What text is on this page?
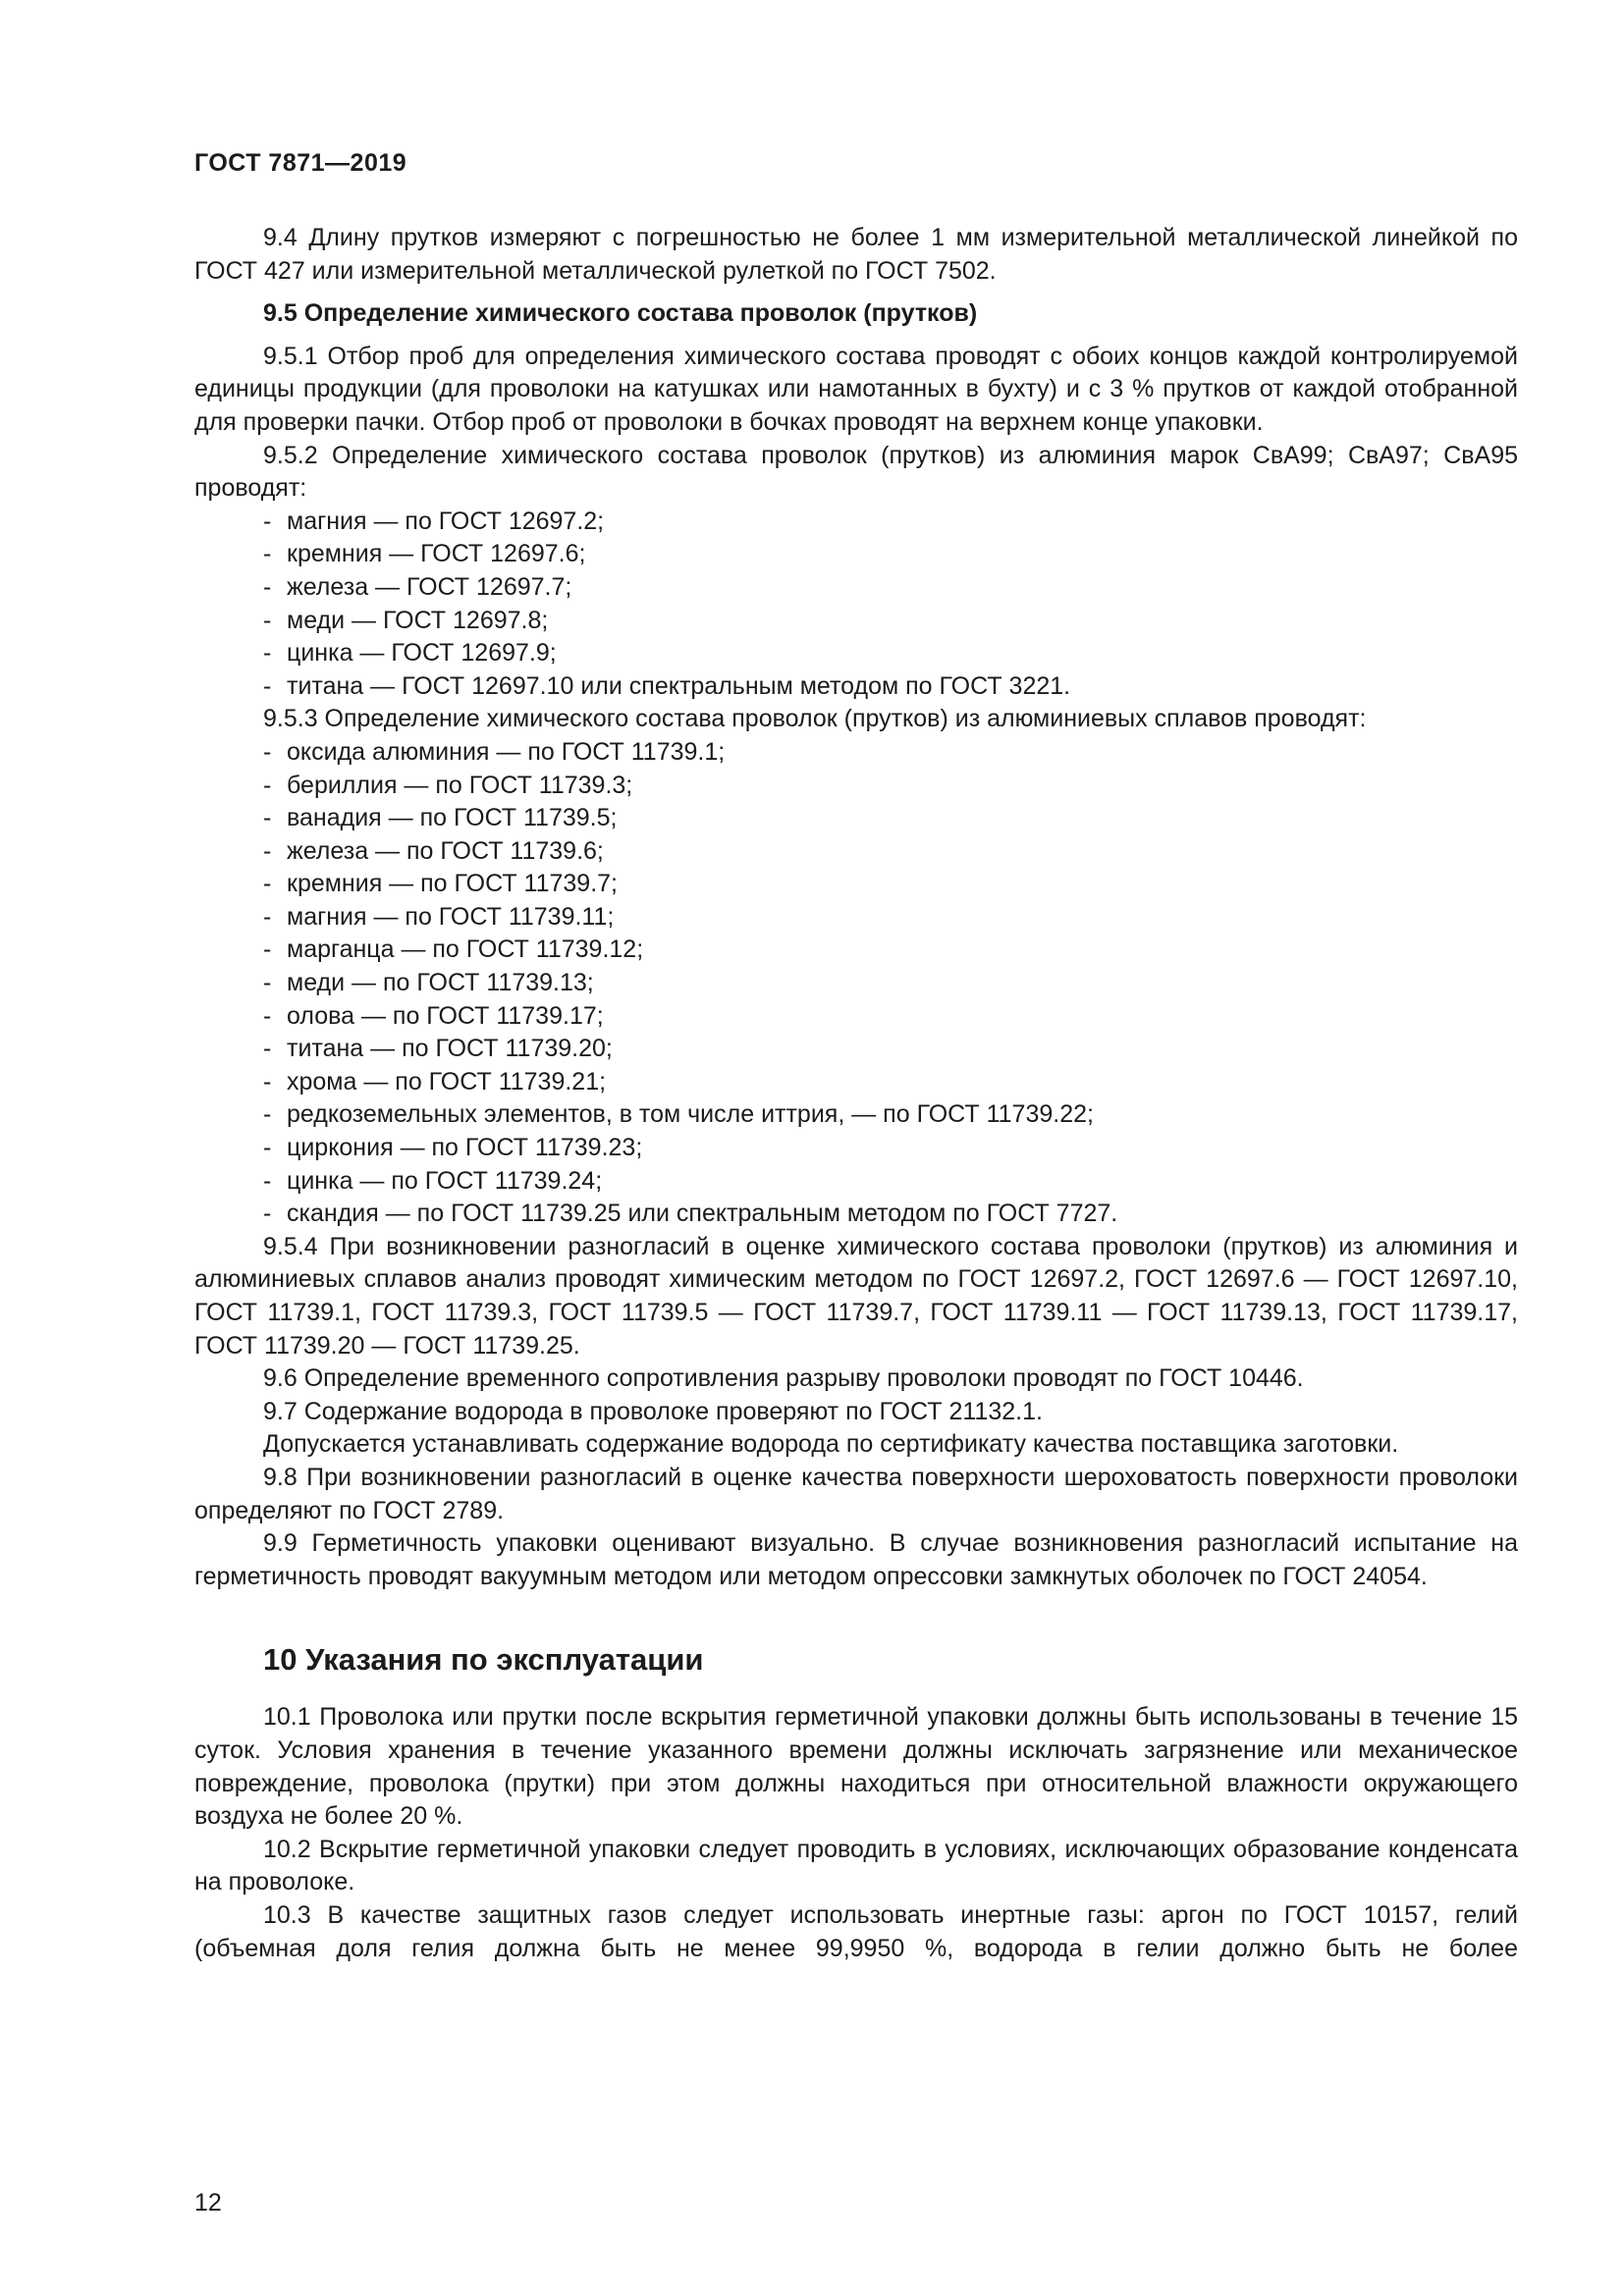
ГОСТ 7871—2019

9.4 Длину прутков измеряют с погрешностью не более 1 мм измерительной металлической линейкой по ГОСТ 427 или измерительной металлической рулеткой по ГОСТ 7502.

9.5 Определение химического состава проволок (прутков)

9.5.1 Отбор проб для определения химического состава проводят с обоих концов каждой контролируемой единицы продукции (для проволоки на катушках или намотанных в бухту) и с 3 % прутков от каждой отобранной для проверки пачки. Отбор проб от проволоки в бочках проводят на верхнем конце упаковки.

9.5.2 Определение химического состава проволок (прутков) из алюминия марок СвА99; СвА97; СвА95 проводят:

- магния — по ГОСТ 12697.2;
- кремния — ГОСТ 12697.6;
- железа — ГОСТ 12697.7;
- меди — ГОСТ 12697.8;
- цинка — ГОСТ 12697.9;
- титана — ГОСТ 12697.10 или спектральным методом по ГОСТ 3221.

9.5.3 Определение химического состава проволок (прутков) из алюминиевых сплавов проводят:

- оксида алюминия — по ГОСТ 11739.1;
- бериллия — по ГОСТ 11739.3;
- ванадия — по ГОСТ 11739.5;
- железа — по ГОСТ 11739.6;
- кремния — по ГОСТ 11739.7;
- магния — по ГОСТ 11739.11;
- марганца — по ГОСТ 11739.12;
- меди — по ГОСТ 11739.13;
- олова — по ГОСТ 11739.17;
- титана — по ГОСТ 11739.20;
- хрома — по ГОСТ 11739.21;
- редкоземельных элементов, в том числе иттрия, — по ГОСТ 11739.22;
- циркония — по ГОСТ 11739.23;
- цинка — по ГОСТ 11739.24;
- скандия — по ГОСТ 11739.25 или спектральным методом по ГОСТ 7727.

9.5.4 При возникновении разногласий в оценке химического состава проволоки (прутков) из алюминия и алюминиевых сплавов анализ проводят химическим методом по ГОСТ 12697.2, ГОСТ 12697.6 — ГОСТ 12697.10, ГОСТ 11739.1, ГОСТ 11739.3, ГОСТ 11739.5 — ГОСТ 11739.7, ГОСТ 11739.11 — ГОСТ 11739.13, ГОСТ 11739.17, ГОСТ 11739.20 — ГОСТ 11739.25.

9.6 Определение временного сопротивления разрыву проволоки проводят по ГОСТ 10446.

9.7 Содержание водорода в проволоке проверяют по ГОСТ 21132.1.

Допускается устанавливать содержание водорода по сертификату качества поставщика заготовки.

9.8 При возникновении разногласий в оценке качества поверхности шероховатость поверхности проволоки определяют по ГОСТ 2789.

9.9 Герметичность упаковки оценивают визуально. В случае возникновения разногласий испытание на герметичность проводят вакуумным методом или методом опрессовки замкнутых оболочек по ГОСТ 24054.

10 Указания по эксплуатации

10.1 Проволока или прутки после вскрытия герметичной упаковки должны быть использованы в течение 15 суток. Условия хранения в течение указанного времени должны исключать загрязнение или механическое повреждение, проволока (прутки) при этом должны находиться при относительной влажности окружающего воздуха не более 20 %.

10.2 Вскрытие герметичной упаковки следует проводить в условиях, исключающих образование конденсата на проволоке.

10.3 В качестве защитных газов следует использовать инертные газы: аргон по ГОСТ 10157, гелий (объемная доля гелия должна быть не менее 99,9950 %, водорода в гелии должно быть не более

12
